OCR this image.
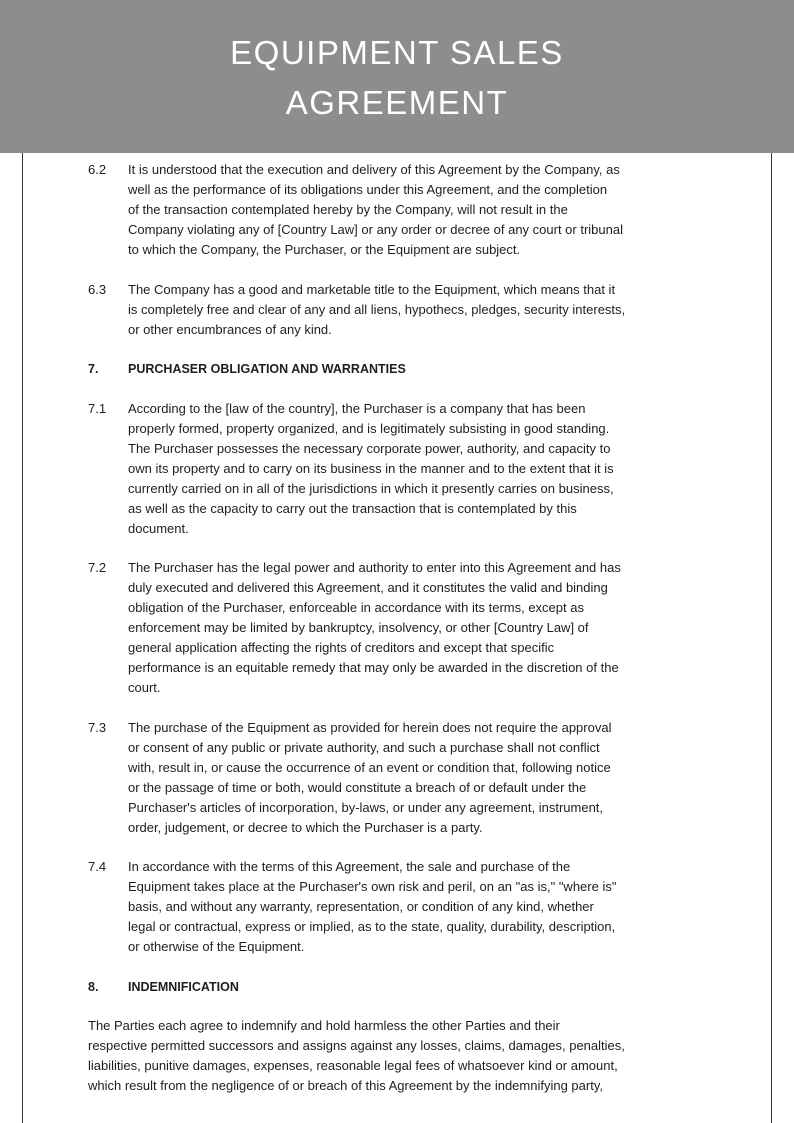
EQUIPMENT SALES
AGREEMENT
6.2 It is understood that the execution and delivery of this Agreement by the Company, as
well as the performance of its obligations under this Agreement, and the completion
of the transaction contemplated hereby by the Company, will not result in the
Company violating any of [Country Law] or any order or decree of any court or tribunal
to which the Company, the Purchaser, or the Equipment are subject.
6.3 The Company has a good and marketable title to the Equipment, which means that it
is completely free and clear of any and all liens, hypothecs, pledges, security interests,
or other encumbrances of any kind.
7. PURCHASER OBLIGATION AND WARRANTIES
7.1 According to the [law of the country], the Purchaser is a company that has been
properly formed, property organized, and is legitimately subsisting in good standing.
The Purchaser possesses the necessary corporate power, authority, and capacity to
own its property and to carry on its business in the manner and to the extent that it is
currently carried on in all of the jurisdictions in which it presently carries on business,
as well as the capacity to carry out the transaction that is contemplated by this
document.
7.2 The Purchaser has the legal power and authority to enter into this Agreement and has
duly executed and delivered this Agreement, and it constitutes the valid and binding
obligation of the Purchaser, enforceable in accordance with its terms, except as
enforcement may be limited by bankruptcy, insolvency, or other [Country Law] of
general application affecting the rights of creditors and except that specific
performance is an equitable remedy that may only be awarded in the discretion of the
court.
7.3 The purchase of the Equipment as provided for herein does not require the approval
or consent of any public or private authority, and such a purchase shall not conflict
with, result in, or cause the occurrence of an event or condition that, following notice
or the passage of time or both, would constitute a breach of or default under the
Purchaser's articles of incorporation, by-laws, or under any agreement, instrument,
order, judgement, or decree to which the Purchaser is a party.
7.4 In accordance with the terms of this Agreement, the sale and purchase of the
Equipment takes place at the Purchaser's own risk and peril, on an "as is," "where is"
basis, and without any warranty, representation, or condition of any kind, whether
legal or contractual, express or implied, as to the state, quality, durability, description,
or otherwise of the Equipment.
8. INDEMNIFICATION
The Parties each agree to indemnify and hold harmless the other Parties and their
respective permitted successors and assigns against any losses, claims, damages, penalties,
liabilities, punitive damages, expenses, reasonable legal fees of whatsoever kind or amount,
which result from the negligence of or breach of this Agreement by the indemnifying party,
